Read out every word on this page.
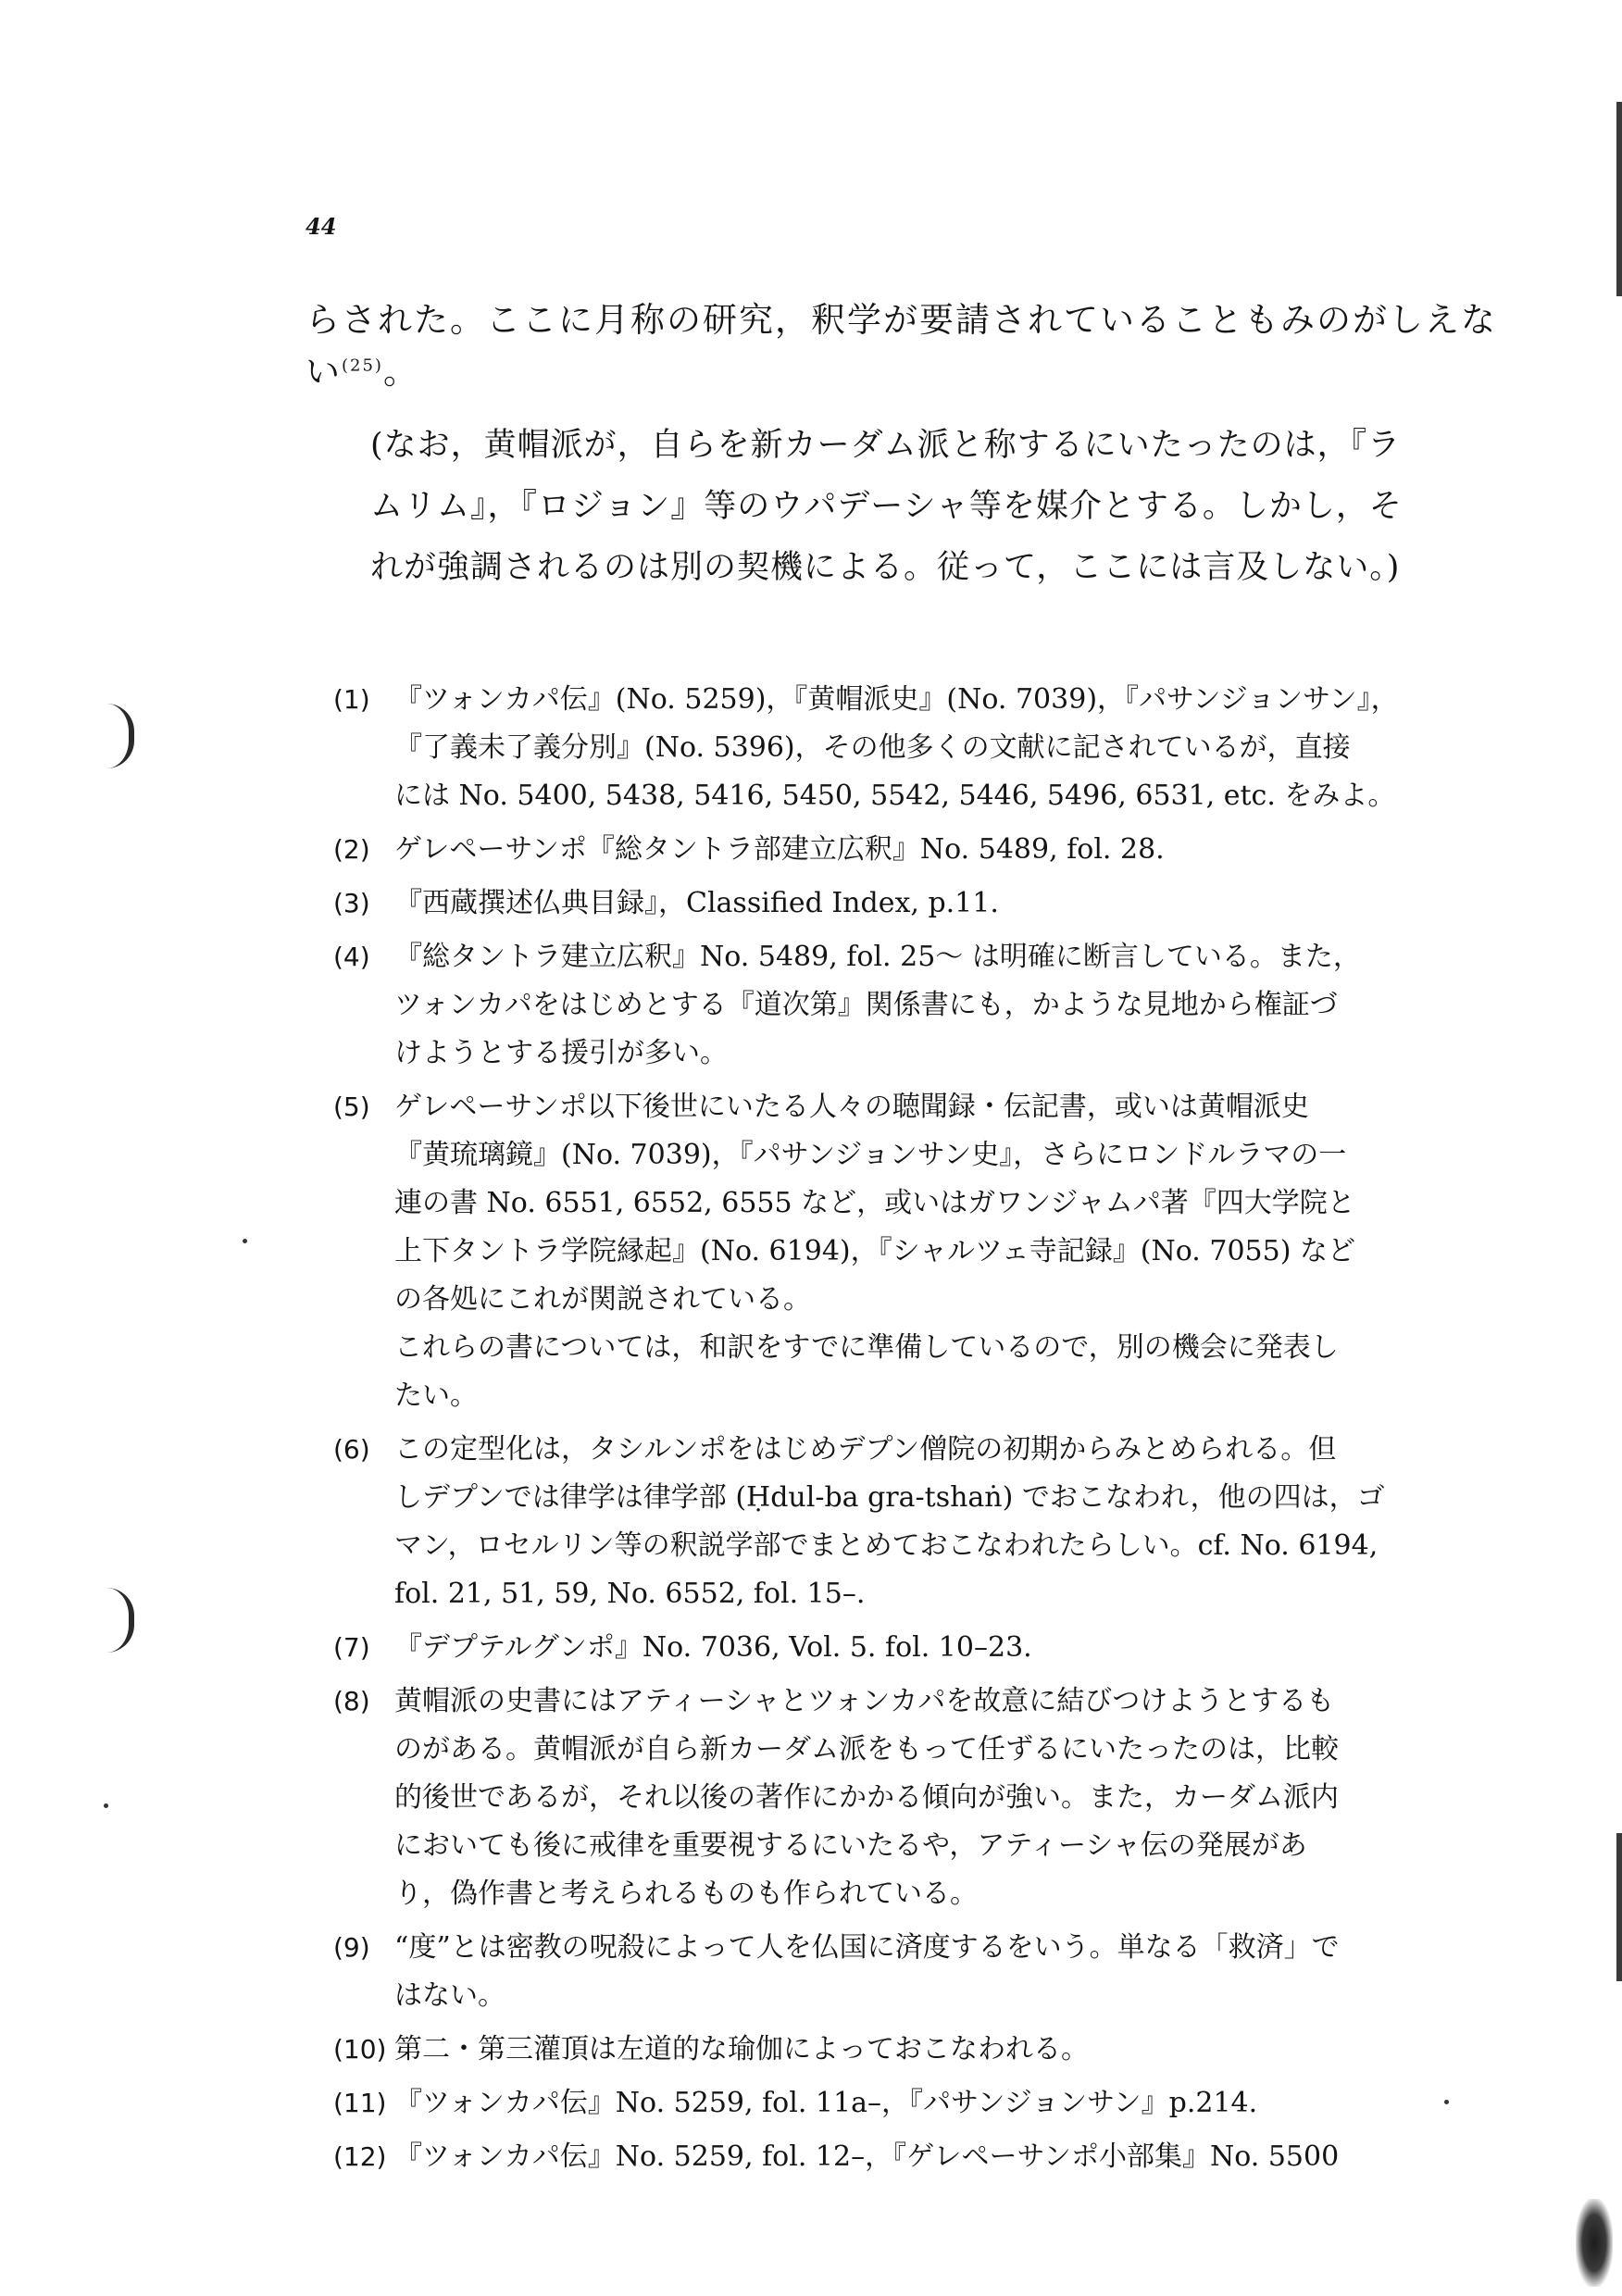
44
らされた。ここに月称の研究，釈学が要請されていることもみのがしえな
い$^{(25)}$。
(なお，黄帽派が，自らを新カーダム派と称するにいたったのは，『ラ
ムリム』，『ロジョン』等のウパデーシャ等を媒介とする。しかし，そ
れが強調されるのは別の契機による。従って，ここには言及しない。)
(1) 『ツォンカパ伝』(No. 5259)，『黄帽派史』(No. 7039)，『パサンジョンサン』，
『了義未了義分別』(No. 5396)，その他多くの文献に記されているが，直接
には No. 5400, 5438, 5416, 5450, 5542, 5446, 5496, 6531, etc. をみよ。
(2) ゲレペーサンポ『総タントラ部建立広釈』No. 5489, fol. 28.
(3) 『西蔵撰述仏典目録』，Classified Index, p.11.
(4) 『総タントラ建立広釈』No. 5489, fol. 25〜 は明確に断言している。また，
ツォンカパをはじめとする『道次第』関係書にも，かような見地から権証づ
けようとする援引が多い。
(5) ゲレペーサンポ以下後世にいたる人々の聴聞録・伝記書，或いは黄帽派史
『黄琉璃鏡』(No. 7039)，『パサンジョンサン史』，さらにロンドルラマの一
連の書 No. 6551, 6552, 6555 など，或いはガワンジャムパ著『四大学院と
上下タントラ学院縁起』(No. 6194)，『シャルツェ寺記録』(No. 7055) など
の各処にこれが関説されている。
これらの書については，和訳をすでに準備しているので，別の機会に発表し
たい。
(6) この定型化は，タシルンポをはじめデプン僧院の初期からみとめられる。但
しデプンでは律学は律学部 (Ḥdul-ba gra-tshaṅ) でおこなわれ，他の四は，ゴ
マン，ロセルリン等の釈説学部でまとめておこなわれたらしい。cf. No. 6194,
fol. 21, 51, 59, No. 6552, fol. 15–.
(7) 『デプテルグンポ』No. 7036, Vol. 5. fol. 10–23.
(8) 黄帽派の史書にはアティーシャとツォンカパを故意に結びつけようとするも
のがある。黄帽派が自ら新カーダム派をもって任ずるにいたったのは，比較
的後世であるが，それ以後の著作にかかる傾向が強い。また，カーダム派内
においても後に戒律を重要視するにいたるや，アティーシャ伝の発展があ
り，偽作書と考えられるものも作られている。
(9) “度”とは密教の呪殺によって人を仏国に済度するをいう。単なる「救済」で
はない。
(10) 第二・第三灌頂は左道的な瑜伽によっておこなわれる。
(11) 『ツォンカパ伝』No. 5259, fol. 11a–，『パサンジョンサン』p.214.
(12) 『ツォンカパ伝』No. 5259, fol. 12–，『ゲレペーサンポ小部集』No. 5500
